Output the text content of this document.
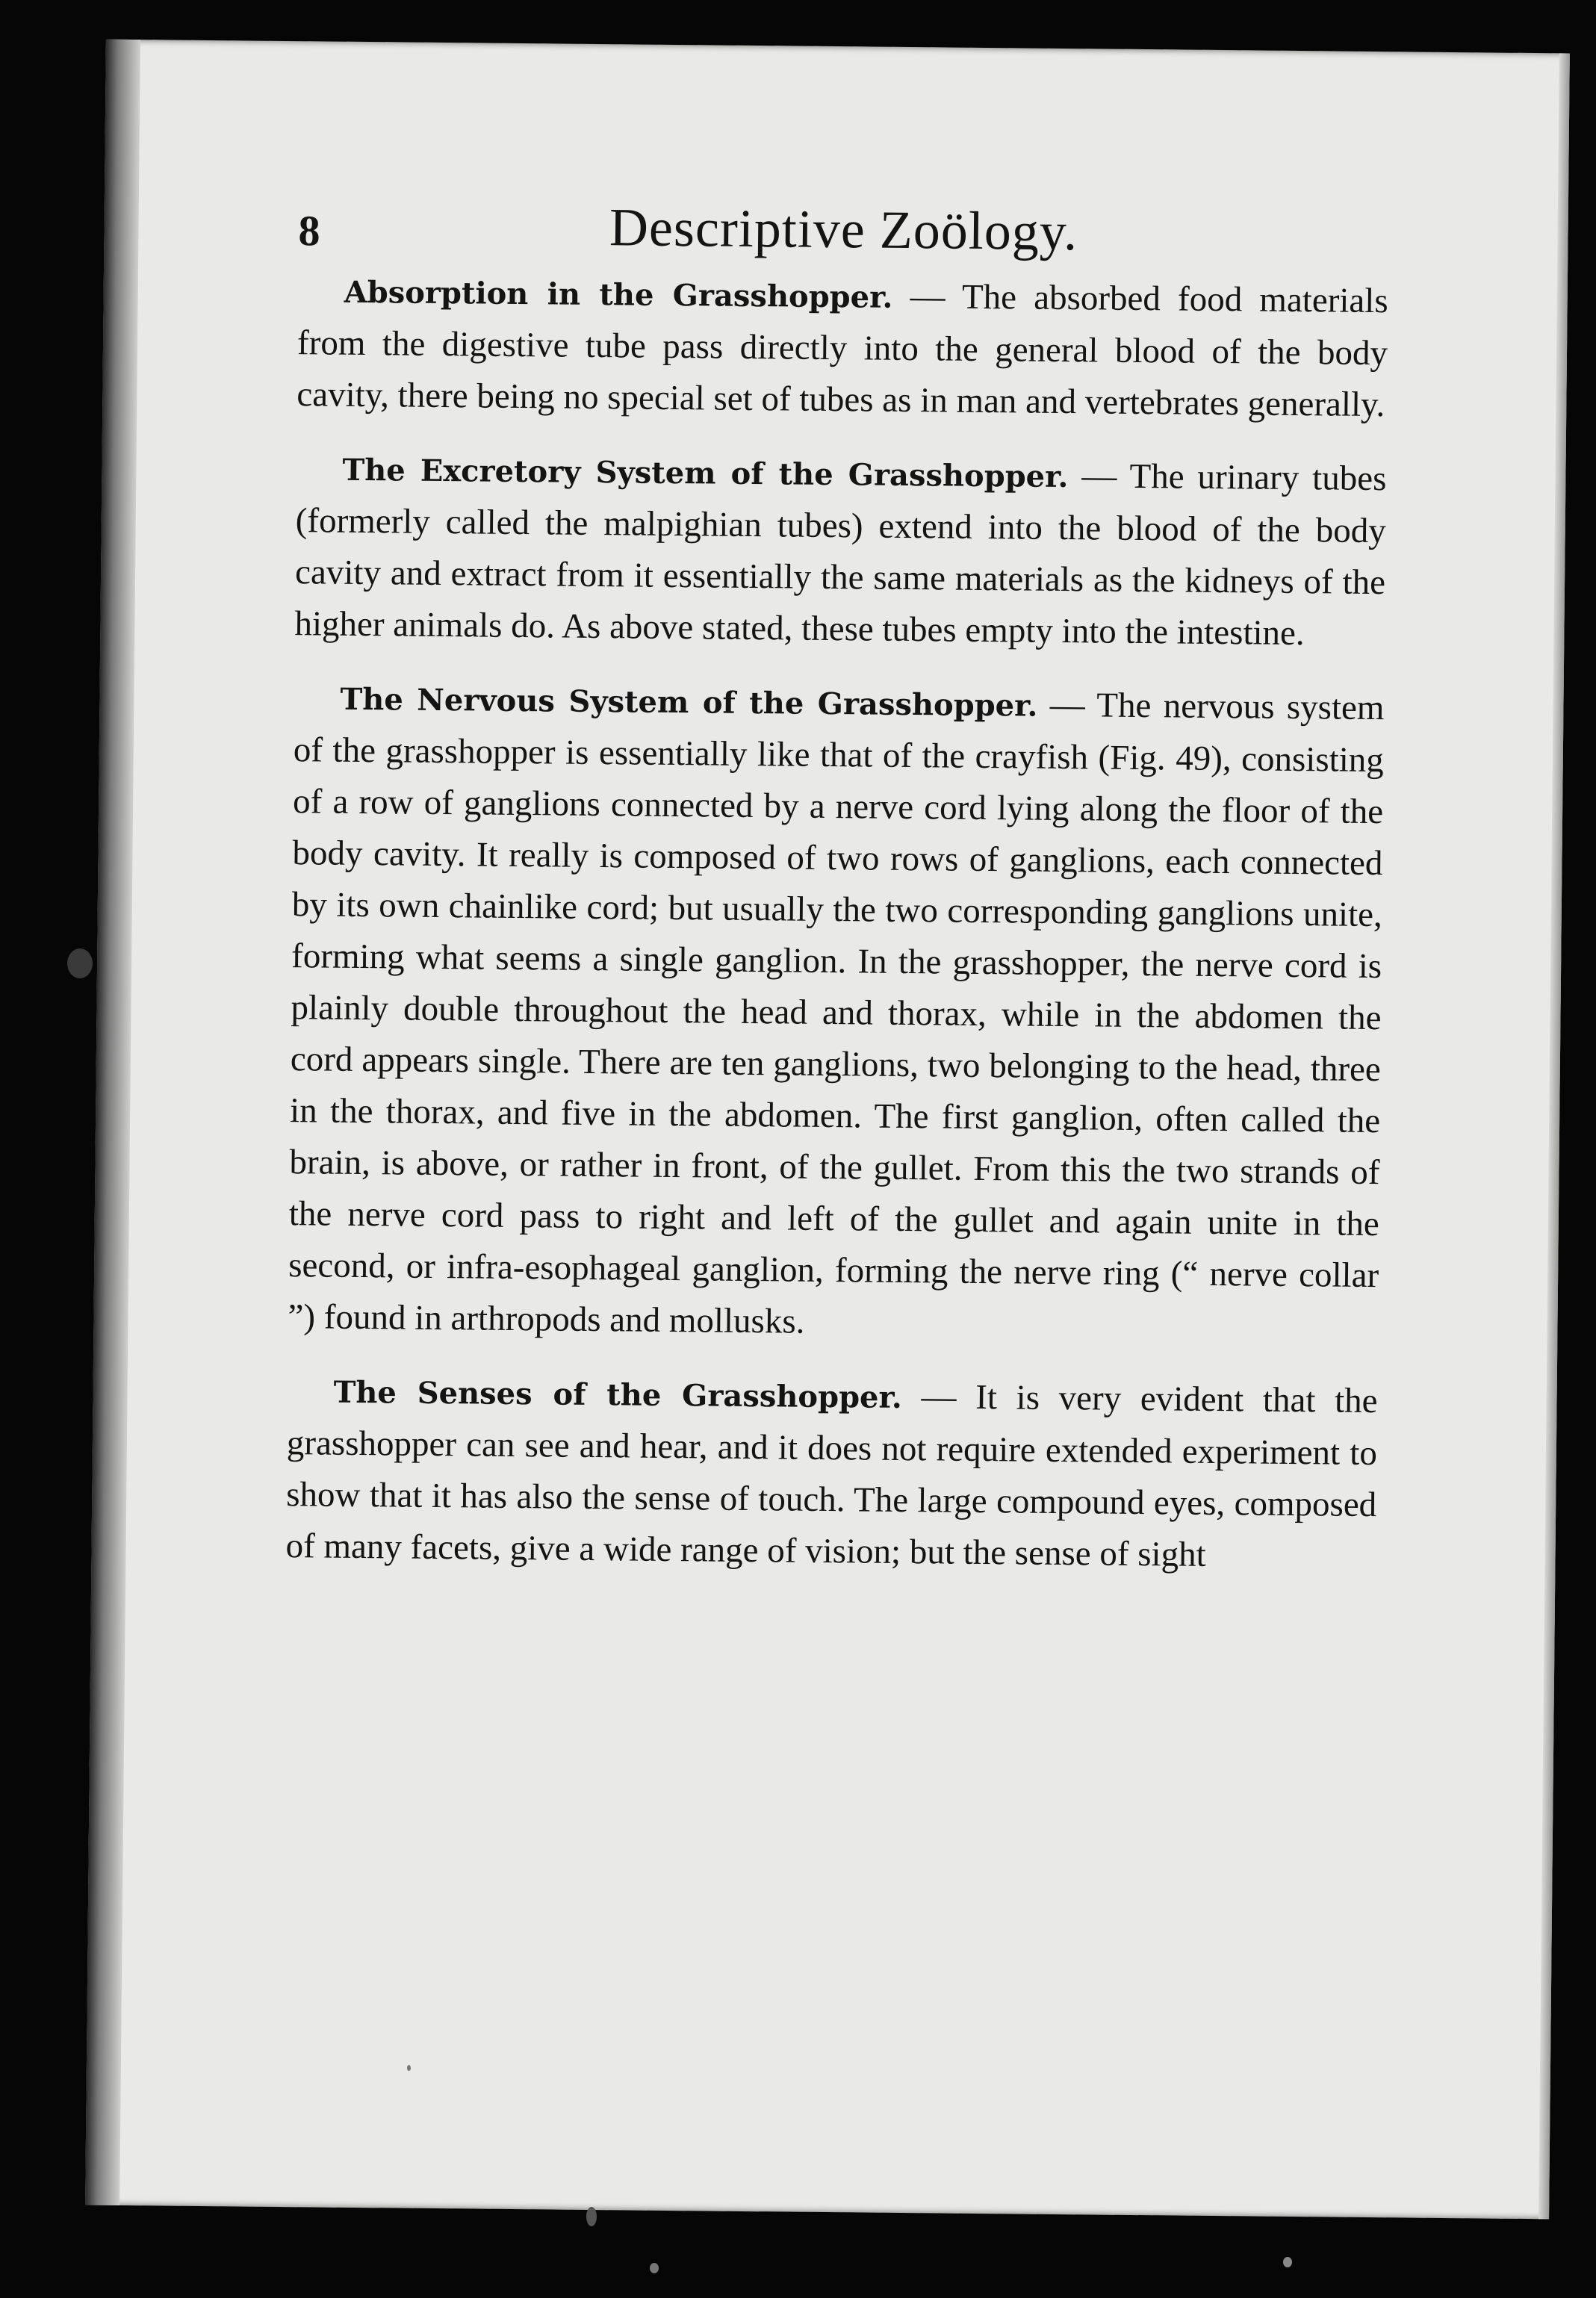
8	Descriptive Zoölogy.

Absorption in the Grasshopper. — The absorbed food materials from the digestive tube pass directly into the general blood of the body cavity, there being no special set of tubes as in man and vertebrates generally.

The Excretory System of the Grasshopper. — The urinary tubes (formerly called the malpighian tubes) extend into the blood of the body cavity and extract from it essentially the same materials as the kidneys of the higher animals do. As above stated, these tubes empty into the intestine.

The Nervous System of the Grasshopper. — The nervous system of the grasshopper is essentially like that of the crayfish (Fig. 49), consisting of a row of ganglions connected by a nerve cord lying along the floor of the body cavity. It really is composed of two rows of ganglions, each connected by its own chainlike cord; but usually the two corresponding ganglions unite, forming what seems a single ganglion. In the grasshopper, the nerve cord is plainly double throughout the head and thorax, while in the abdomen the cord appears single. There are ten ganglions, two belonging to the head, three in the thorax, and five in the abdomen. The first ganglion, often called the brain, is above, or rather in front, of the gullet. From this the two strands of the nerve cord pass to right and left of the gullet and again unite in the second, or infra-esophageal ganglion, forming the nerve ring (“ nerve collar ”) found in arthropods and mollusks.

The Senses of the Grasshopper. — It is very evident that the grasshopper can see and hear, and it does not require extended experiment to show that it has also the sense of touch. The large compound eyes, composed of many facets, give a wide range of vision; but the sense of sight
